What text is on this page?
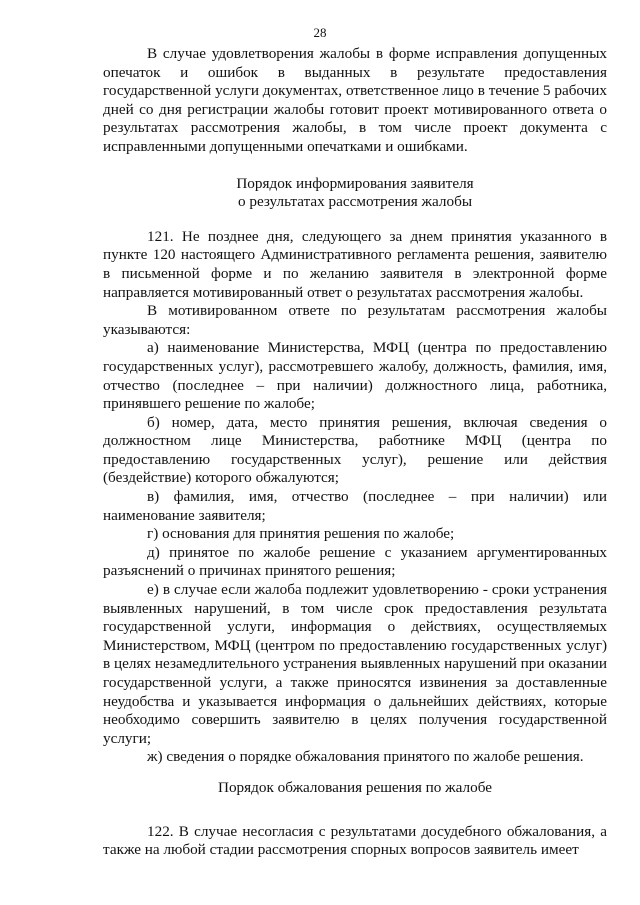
28

В случае удовлетворения жалобы в форме исправления допущенных опечаток и ошибок в выданных в результате предоставления государственной услуги документах, ответственное лицо в течение 5 рабочих дней со дня регистрации жалобы готовит проект мотивированного ответа о результатах рассмотрения жалобы, в том числе проект документа с исправленными допущенными опечатками и ошибками.

Порядок информирования заявителя

о результатах рассмотрения жалобы

121. Не позднее дня, следующего за днем принятия указанного в пункте 120 настоящего Административного регламента решения, заявителю в письменной форме и по желанию заявителя в электронной форме направляется мотивированный ответ о результатах рассмотрения жалобы.

В мотивированном ответе по результатам рассмотрения жалобы указываются:

а) наименование Министерства, МФЦ (центра по предоставлению государственных услуг), рассмотревшего жалобу, должность, фамилия, имя, отчество (последнее – при наличии) должностного лица, работника, принявшего решение по жалобе;

б) номер, дата, место принятия решения, включая сведения о должностном лице Министерства, работнике МФЦ (центра по предоставлению государственных услуг), решение или действия (бездействие) которого обжалуются;

в) фамилия, имя, отчество (последнее – при наличии) или наименование заявителя;

г) основания для принятия решения по жалобе;

д) принятое по жалобе решение с указанием аргументированных разъяснений о причинах принятого решения;

е) в случае если жалоба подлежит удовлетворению - сроки устранения выявленных нарушений, в том числе срок предоставления результата государственной услуги, информация о действиях, осуществляемых Министерством, МФЦ (центром по предоставлению государственных услуг) в целях незамедлительного устранения выявленных нарушений при оказании государственной услуги, а также приносятся извинения за доставленные неудобства и указывается информация о дальнейших действиях, которые необходимо совершить заявителю в целях получения государственной услуги;

ж) сведения о порядке обжалования принятого по жалобе решения.

Порядок обжалования решения по жалобе

122. В случае несогласия с результатами досудебного обжалования, а также на любой стадии рассмотрения спорных вопросов заявитель имеет
